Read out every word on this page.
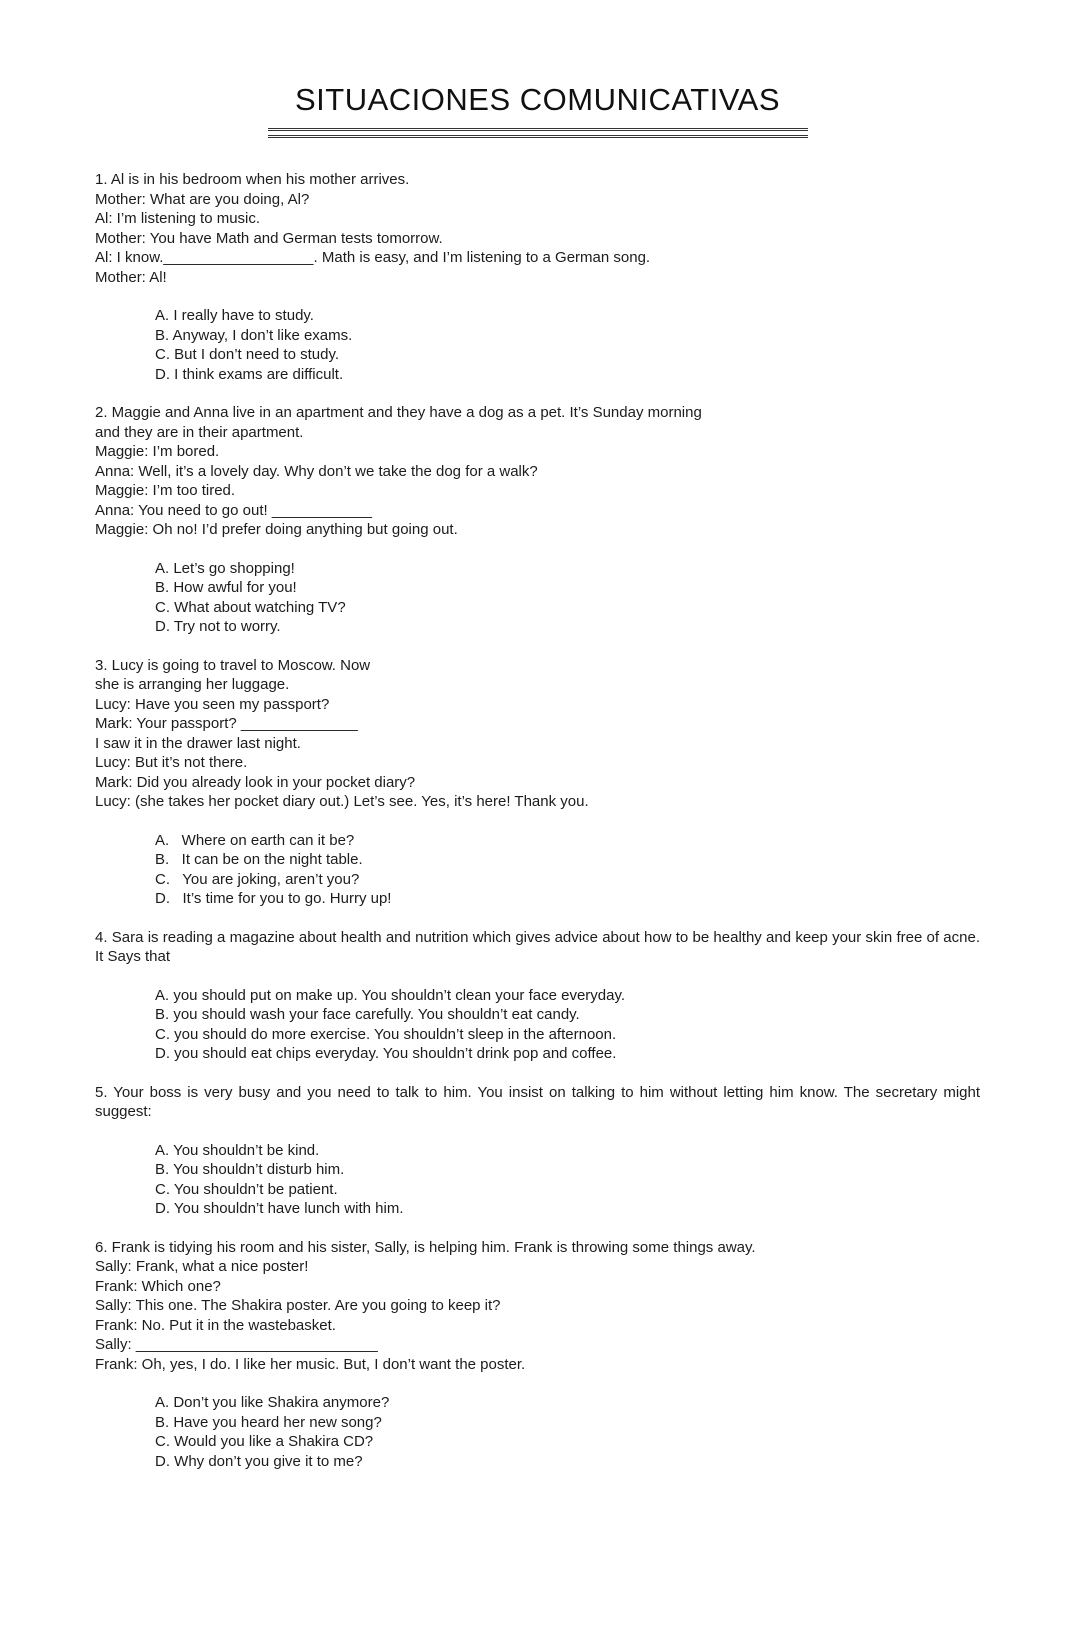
SITUACIONES COMUNICATIVAS
1. Al is in his bedroom when his mother arrives.
Mother: What are you doing, Al?
Al: I’m listening to music.
Mother: You have Math and German tests tomorrow.
Al: I know.__________________. Math is easy, and I’m listening to a German song.
Mother: Al!
A. I really have to study.
B. Anyway, I don’t like exams.
C. But I don’t need to study.
D. I think exams are difficult.
2. Maggie and Anna live in an apartment and they have a dog as a pet. It’s Sunday morning
and they are in their apartment.
Maggie: I’m bored.
Anna: Well, it’s a lovely day. Why don’t we take the dog for a walk?
Maggie: I’m too tired.
Anna: You need to go out! ____________
Maggie: Oh no! I’d prefer doing anything but going out.
A. Let’s go shopping!
B. How awful for you!
C. What about watching TV?
D. Try not to worry.
3. Lucy is going to travel to Moscow. Now
she is arranging her luggage.
Lucy: Have you seen my passport?
Mark: Your passport? ______________
I saw it in the drawer last night.
Lucy: But it’s not there.
Mark: Did you already look in your pocket diary?
Lucy: (she takes her pocket diary out.) Let’s see. Yes, it’s here! Thank you.
A.   Where on earth can it be?
B.   It can be on the night table.
C.   You are joking, aren’t you?
D.   It’s time for you to go. Hurry up!
4. Sara is reading a magazine about health and nutrition which gives advice about how to be healthy and keep your skin free of acne. It Says that
A. you should put on make up. You shouldn’t clean your face everyday.
B. you should wash your face carefully. You shouldn’t eat candy.
C. you should do more exercise. You shouldn’t sleep in the afternoon.
D. you should eat chips everyday. You shouldn’t drink pop and coffee.
5. Your boss is very busy and you need to talk to him. You insist on talking to him without letting him know. The secretary might suggest:
A. You shouldn’t be kind.
B. You shouldn’t disturb him.
C. You shouldn’t be patient.
D. You shouldn’t have lunch with him.
6. Frank is tidying his room and his sister, Sally, is helping him. Frank is throwing some things away.
Sally: Frank, what a nice poster!
Frank: Which one?
Sally: This one. The Shakira poster. Are you going to keep it?
Frank: No. Put it in the wastebasket.
Sally: _____________________________
Frank: Oh, yes, I do. I like her music. But, I don’t want the poster.
A. Don’t you like Shakira anymore?
B. Have you heard her new song?
C. Would you like a Shakira CD?
D. Why don’t you give it to me?
